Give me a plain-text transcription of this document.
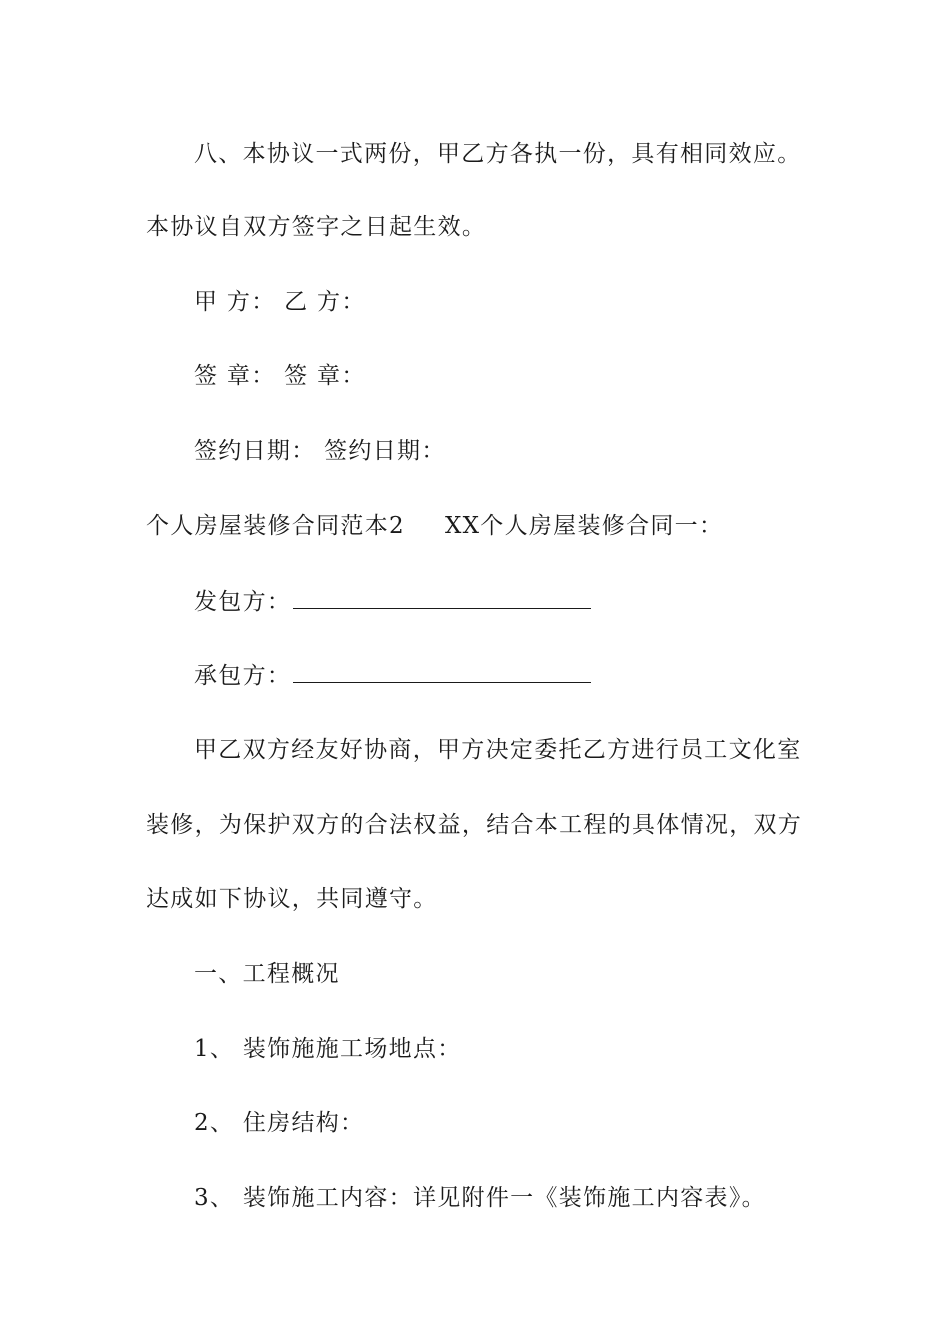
八、本协议一式两份，甲乙方各执一份，具有相同效应。
本协议自双方签字之日起生效。
甲 方： 乙 方：
签 章： 签 章：
签约日期： 签约日期：
个人房屋装修合同范本2 XX个人房屋装修合同一：
发包方：
承包方：
甲乙双方经友好协商，甲方决定委托乙方进行员工文化室
装修，为保护双方的合法权益，结合本工程的具体情况，双方
达成如下协议，共同遵守。
一、工程概况
1、 装饰施施工场地点：
2、 住房结构：
3、 装饰施工内容：详见附件一《装饰施工内容表》。
